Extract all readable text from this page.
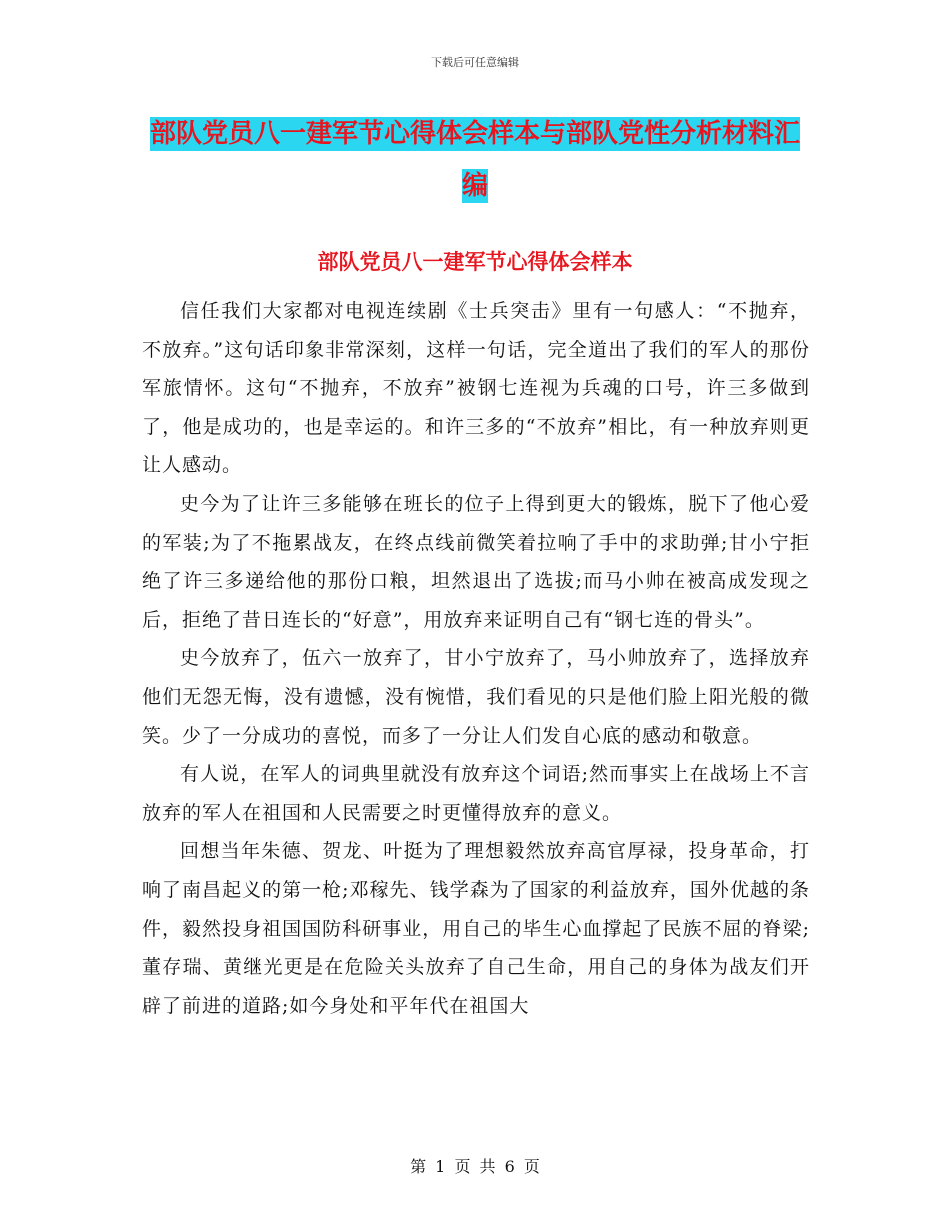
下载后可任意编辑
部队党员八一建军节心得体会样本与部队党性分析材料汇编
部队党员八一建军节心得体会样本

信任我们大家都对电视连续剧《士兵突击》里有一句感人：“不抛弃，不放弃。”这句话印象非常深刻，这样一句话，完全道出了我们的军人的那份军旅情怀。这句“不抛弃，不放弃”被钢七连视为兵魂的口号，许三多做到了，他是成功的，也是幸运的。和许三多的“不放弃”相比，有一种放弃则更让人感动。

史今为了让许三多能够在班长的位子上得到更大的锻炼，脱下了他心爱的军装;为了不拖累战友，在终点线前微笑着拉响了手中的求助弹;甘小宁拒绝了许三多递给他的那份口粮，坦然退出了选拔;而马小帅在被高成发现之后，拒绝了昔日连长的“好意”，用放弃来证明自己有“钢七连的骨头”。

史今放弃了，伍六一放弃了，甘小宁放弃了，马小帅放弃了，选择放弃他们无怨无悔，没有遗憾，没有惋惜，我们看见的只是他们脸上阳光般的微笑。少了一分成功的喜悦，而多了一分让人们发自心底的感动和敬意。

有人说，在军人的词典里就没有放弃这个词语;然而事实上在战场上不言放弃的军人在祖国和人民需要之时更懂得放弃的意义。

回想当年朱德、贺龙、叶挺为了理想毅然放弃高官厚禄，投身革命，打响了南昌起义的第一枪;邓稼先、钱学森为了国家的利益放弃，国外优越的条件，毅然投身祖国国防科研事业，用自己的毕生心血撑起了民族不屈的脊梁;董存瑞、黄继光更是在危险关头放弃了自己生命，用自己的身体为战友们开辟了前进的道路;如今身处和平年代在祖国大

第 1 页 共 6 页
